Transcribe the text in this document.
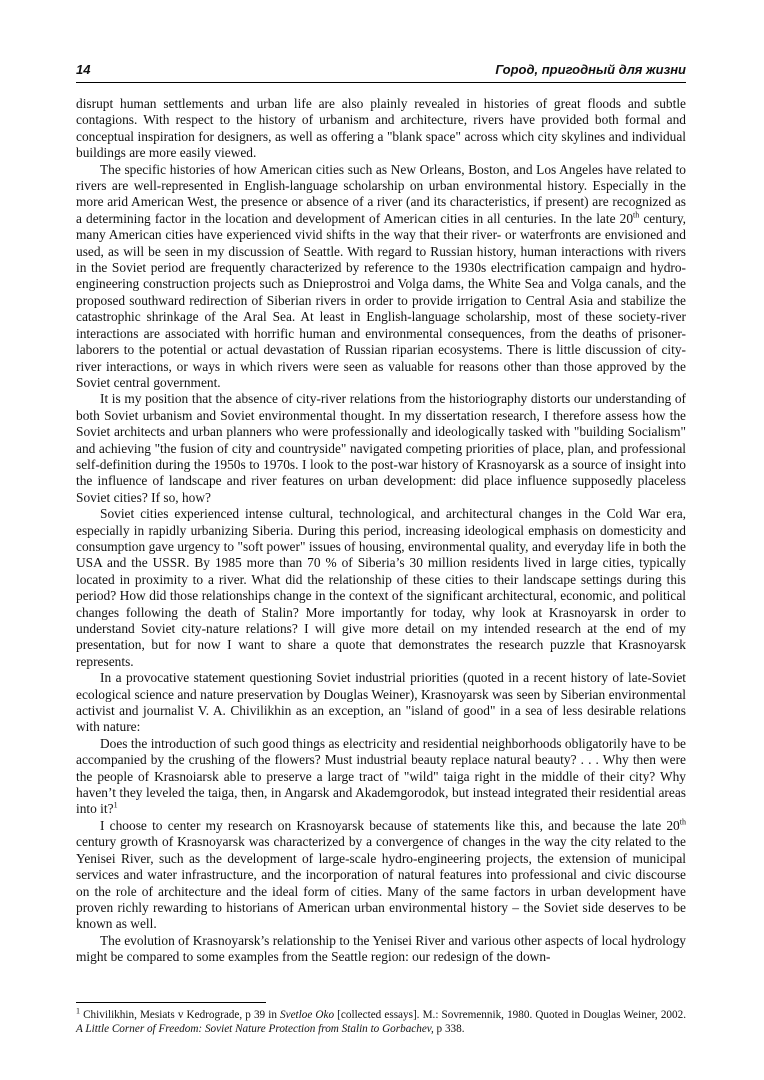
14	Город, пригодный для жизни

disrupt human settlements and urban life are also plainly revealed in histories of great floods and subtle contagions. With respect to the history of urbanism and architecture, rivers have provided both formal and conceptual inspiration for designers, as well as offering a "blank space" across which city skylines and individual buildings are more easily viewed.

The specific histories of how American cities such as New Orleans, Boston, and Los Angeles have related to rivers are well-represented in English-language scholarship on urban environmental history. Especially in the more arid American West, the presence or absence of a river (and its characteristics, if present) are recognized as a determining factor in the location and development of American cities in all centuries. In the late 20th century, many American cities have experienced vivid shifts in the way that their river- or waterfronts are envisioned and used, as will be seen in my discussion of Seattle. With regard to Russian history, human interactions with rivers in the Soviet period are frequently characterized by reference to the 1930s electrification campaign and hydro-engineering construction projects such as Dnieprostroi and Volga dams, the White Sea and Volga canals, and the proposed southward redirection of Siberian rivers in order to provide irrigation to Central Asia and stabilize the catastrophic shrinkage of the Aral Sea. At least in English-language scholarship, most of these society-river interactions are associated with horrific human and environmental consequences, from the deaths of prisoner-laborers to the potential or actual devastation of Russian riparian ecosystems. There is little discussion of city-river interactions, or ways in which rivers were seen as valuable for reasons other than those approved by the Soviet central government.

It is my position that the absence of city-river relations from the historiography distorts our understanding of both Soviet urbanism and Soviet environmental thought. In my dissertation research, I therefore assess how the Soviet architects and urban planners who were professionally and ideologically tasked with "building Socialism" and achieving "the fusion of city and countryside" navigated competing priorities of place, plan, and professional self-definition during the 1950s to 1970s. I look to the post-war history of Krasnoyarsk as a source of insight into the influence of landscape and river features on urban development: did place influence supposedly placeless Soviet cities? If so, how?

Soviet cities experienced intense cultural, technological, and architectural changes in the Cold War era, especially in rapidly urbanizing Siberia. During this period, increasing ideological emphasis on domesticity and consumption gave urgency to "soft power" issues of housing, environmental quality, and everyday life in both the USA and the USSR. By 1985 more than 70 % of Siberia’s 30 million residents lived in large cities, typically located in proximity to a river. What did the relationship of these cities to their landscape settings during this period? How did those relationships change in the context of the significant architectural, economic, and political changes following the death of Stalin? More importantly for today, why look at Krasnoyarsk in order to understand Soviet city-nature relations? I will give more detail on my intended research at the end of my presentation, but for now I want to share a quote that demonstrates the research puzzle that Krasnoyarsk represents.

In a provocative statement questioning Soviet industrial priorities (quoted in a recent history of late-Soviet ecological science and nature preservation by Douglas Weiner), Krasnoyarsk was seen by Siberian environmental activist and journalist V. A. Chivilikhin as an exception, an "island of good" in a sea of less desirable relations with nature:

Does the introduction of such good things as electricity and residential neighborhoods obligatorily have to be accompanied by the crushing of the flowers? Must industrial beauty replace natural beauty? . . . Why then were the people of Krasnoiarsk able to preserve a large tract of "wild" taiga right in the middle of their city? Why haven’t they leveled the taiga, then, in Angarsk and Akademgorodok, but instead integrated their residential areas into it?$^1$

I choose to center my research on Krasnoyarsk because of statements like this, and because the late 20th century growth of Krasnoyarsk was characterized by a convergence of changes in the way the city related to the Yenisei River, such as the development of large-scale hydro-engineering projects, the extension of municipal services and water infrastructure, and the incorporation of natural features into professional and civic discourse on the role of architecture and the ideal form of cities. Many of the same factors in urban development have proven richly rewarding to historians of American urban environmental history – the Soviet side deserves to be known as well.

The evolution of Krasnoyarsk’s relationship to the Yenisei River and various other aspects of local hydrology might be compared to some examples from the Seattle region: our redesign of the down-

$^1$ Chivilikhin, Mesiats v Kedrograde, p 39 in Svetloe Oko [collected essays]. M.: Sovremennik, 1980. Quoted in Douglas Weiner, 2002. A Little Corner of Freedom: Soviet Nature Protection from Stalin to Gorbachev, p 338.
